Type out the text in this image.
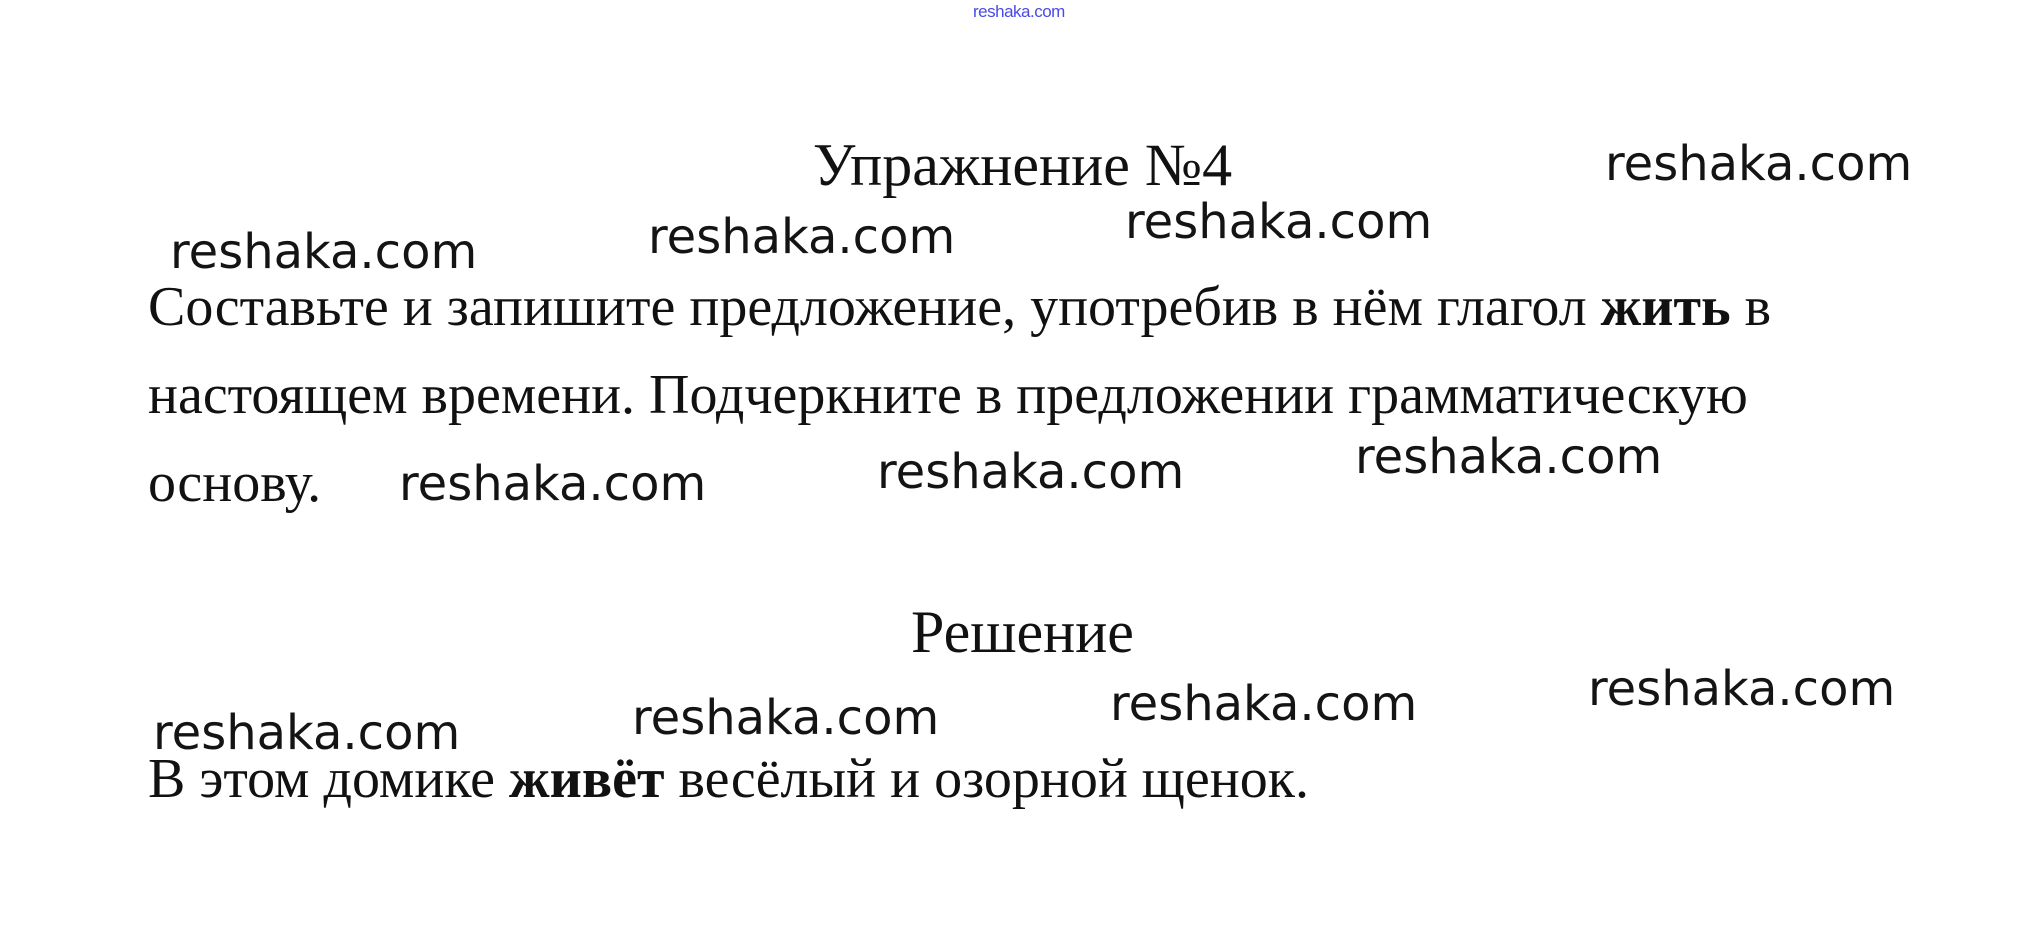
reshaka.com
Упражнение №4
Составьте и запишите предложение, употребив в нём глагол жить в
настоящем времени. Подчеркните в предложении грамматическую
основу.
Решение
В этом домике живёт весёлый и озорной щенок.
reshaka.com
reshaka.com
reshaka.com
reshaka.com
reshaka.com
reshaka.com
reshaka.com
reshaka.com
reshaka.com
reshaka.com
reshaka.com
